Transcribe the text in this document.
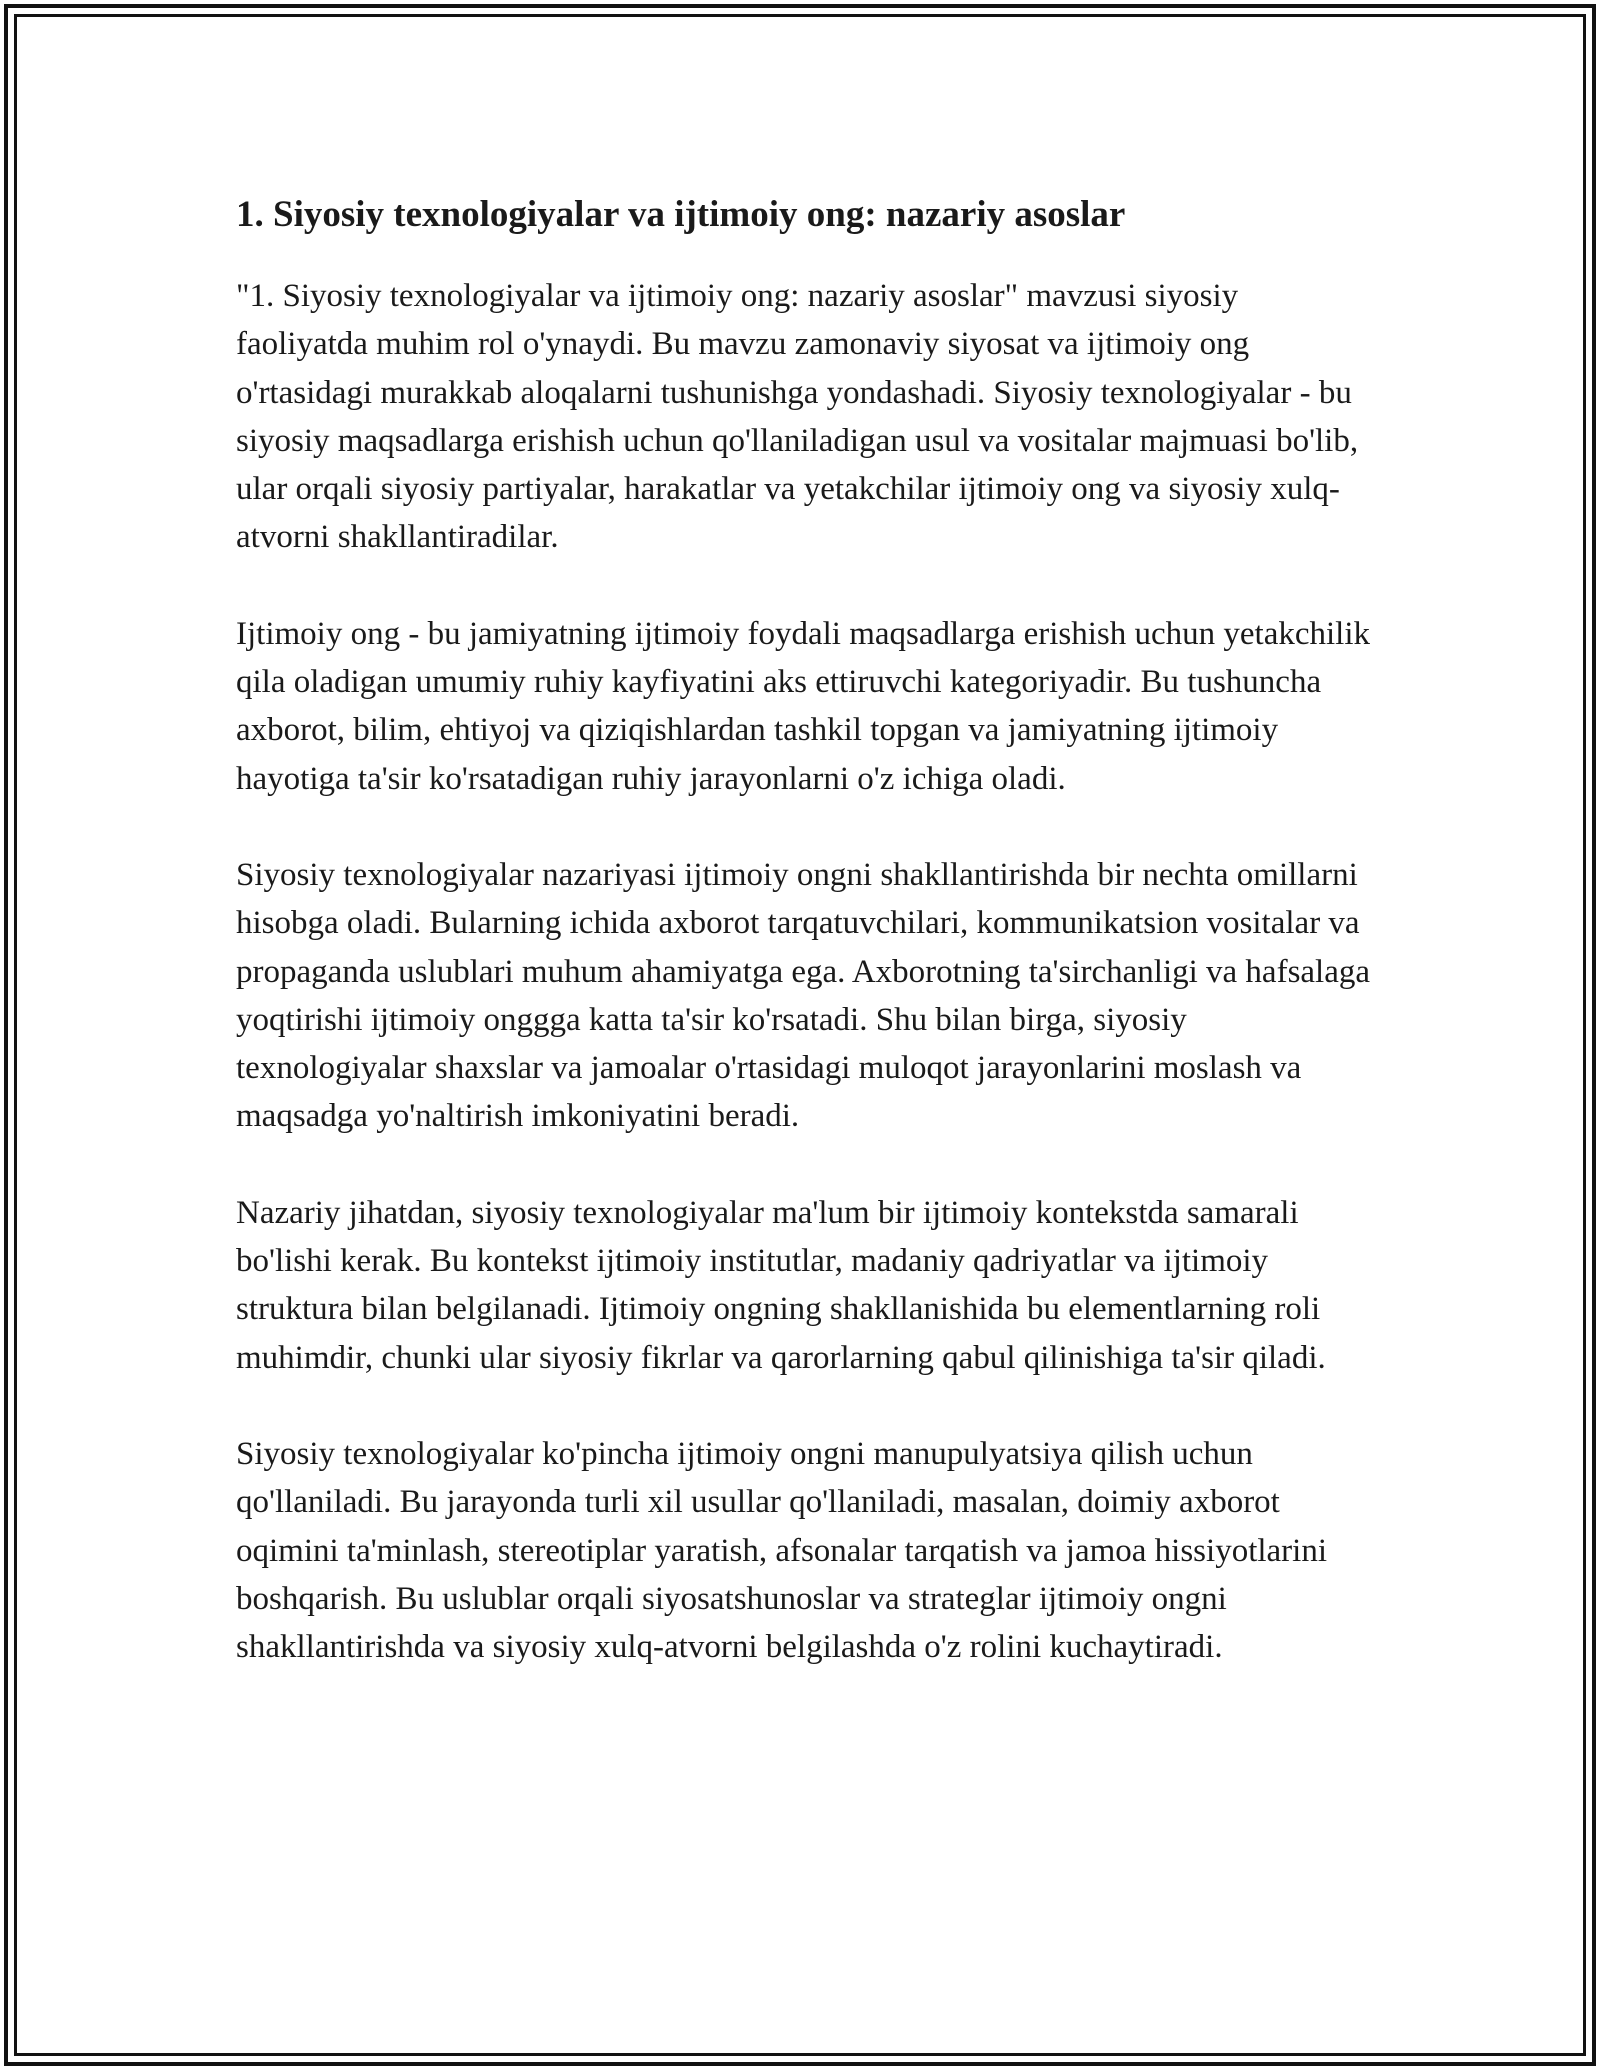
1. Siyosiy texnologiyalar va ijtimoiy ong: nazariy asoslar

"1. Siyosiy texnologiyalar va ijtimoiy ong: nazariy asoslar" mavzusi siyosiy faoliyatda muhim rol o'ynaydi. Bu mavzu zamonaviy siyosat va ijtimoiy ong o'rtasidagi murakkab aloqalarni tushunishga yondashadi. Siyosiy texnologiyalar - bu siyosiy maqsadlarga erishish uchun qo'llaniladigan usul va vositalar majmuasi bo'lib, ular orqali siyosiy partiyalar, harakatlar va yetakchilar ijtimoiy ong va siyosiy xulq-atvorni shakllantiradilar.

Ijtimoiy ong - bu jamiyatning ijtimoiy foydali maqsadlarga erishish uchun yetakchilik qila oladigan umumiy ruhiy kayfiyatini aks ettiruvchi kategoriyadir. Bu tushuncha axborot, bilim, ehtiyoj va qiziqishlardan tashkil topgan va jamiyatning ijtimoiy hayotiga ta'sir ko'rsatadigan ruhiy jarayonlarni o'z ichiga oladi.

Siyosiy texnologiyalar nazariyasi ijtimoiy ongni shakllantirishda bir nechta omillarni hisobga oladi. Bularning ichida axborot tarqatuvchilari, kommunikatsion vositalar va propaganda uslublari muhum ahamiyatga ega. Axborotning ta'sirchanligi va hafsalaga yoqtirishi ijtimoiy onggga katta ta'sir ko'rsatadi. Shu bilan birga, siyosiy texnologiyalar shaxslar va jamoalar o'rtasidagi muloqot jarayonlarini moslash va maqsadga yo'naltirish imkoniyatini beradi.

Nazariy jihatdan, siyosiy texnologiyalar ma'lum bir ijtimoiy kontekstda samarali bo'lishi kerak. Bu kontekst ijtimoiy institutlar, madaniy qadriyatlar va ijtimoiy struktura bilan belgilanadi. Ijtimoiy ongning shakllanishida bu elementlarning roli muhimdir, chunki ular siyosiy fikrlar va qarorlarning qabul qilinishiga ta'sir qiladi.

Siyosiy texnologiyalar ko'pincha ijtimoiy ongni manupulyatsiya qilish uchun qo'llaniladi. Bu jarayonda turli xil usullar qo'llaniladi, masalan, doimiy axborot oqimini ta'minlash, stereotiplar yaratish, afsonalar tarqatish va jamoa hissiyotlarini boshqarish. Bu uslublar orqali siyosatshunoslar va strateglar ijtimoiy ongni shakllantirishda va siyosiy xulq-atvorni belgilashda o'z rolini kuchaytiradi.
